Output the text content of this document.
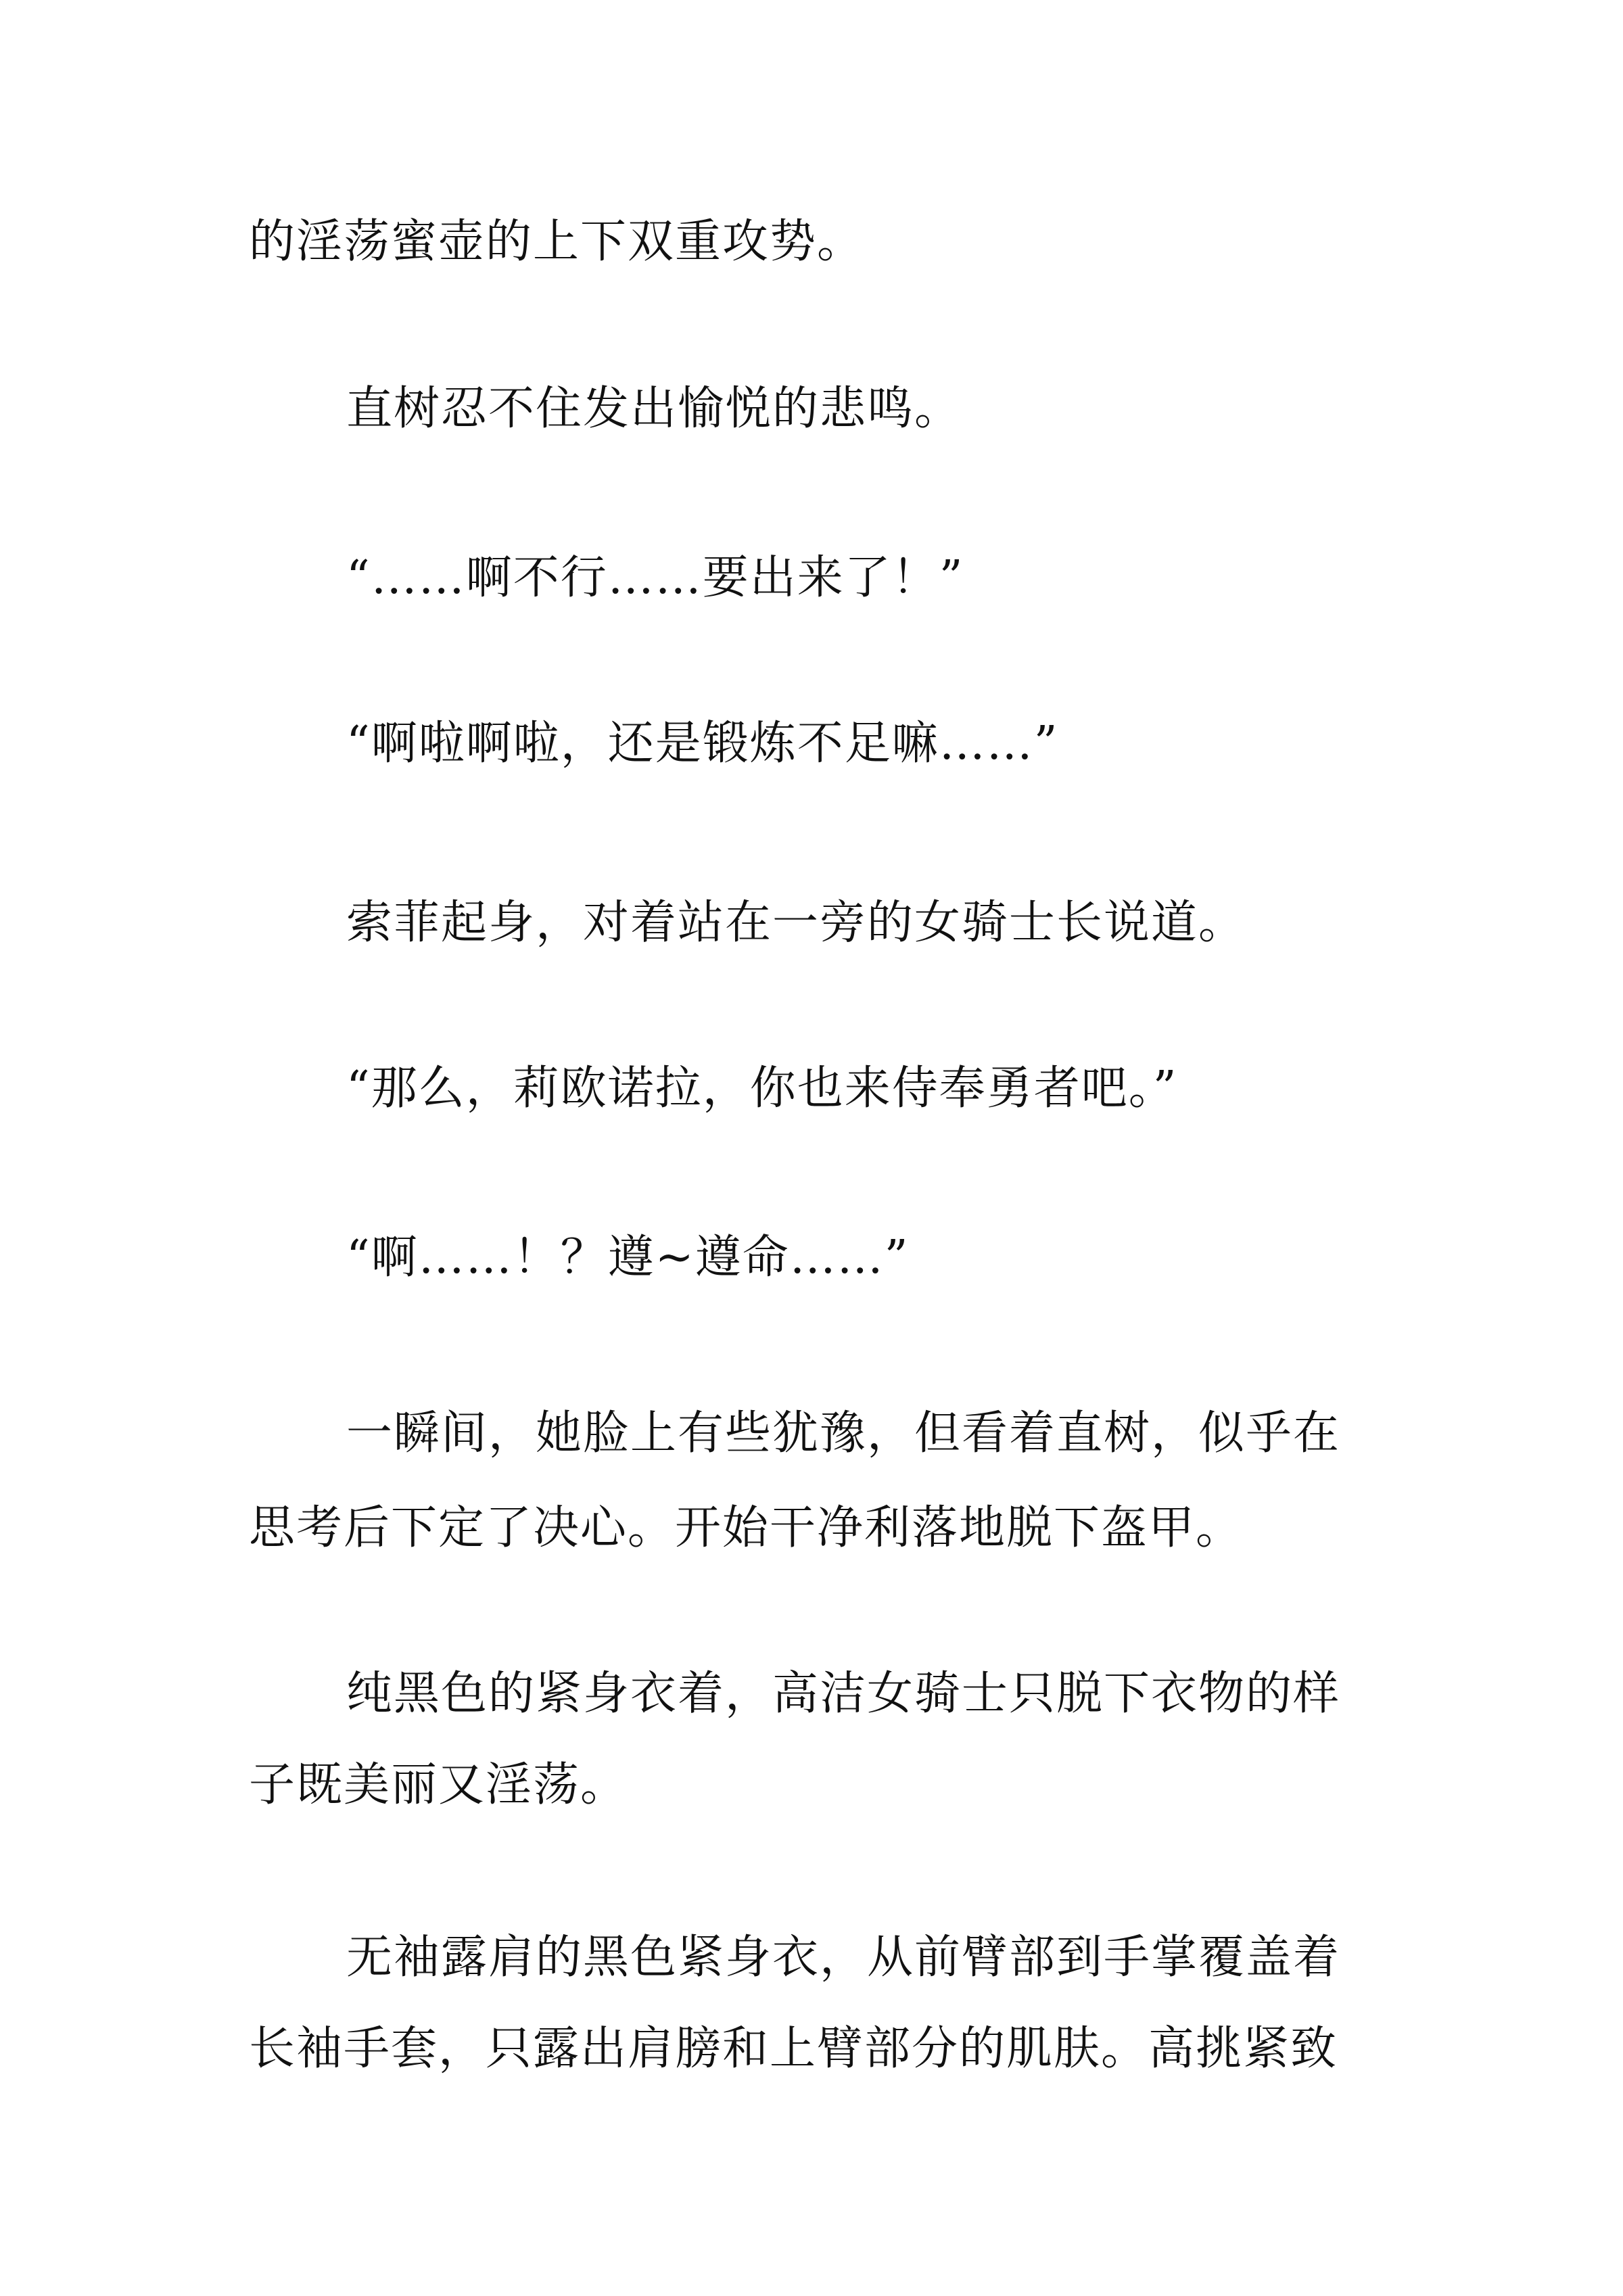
的淫荡蜜壶的上下双重攻势。
直树忍不住发出愉悦的悲鸣。
“……啊不行……要出来了！”
“啊啦啊啦，还是锻炼不足嘛……”
索菲起身，对着站在一旁的女骑士长说道。
“那么，莉欧诺拉，你也来侍奉勇者吧。”
“啊……！？遵~遵命……”
一瞬间，她脸上有些犹豫，但看着直树，似乎在
思考后下定了决心。开始干净利落地脱下盔甲。
纯黑色的紧身衣着，高洁女骑士只脱下衣物的样
子既美丽又淫荡。
无袖露肩的黑色紧身衣，从前臂部到手掌覆盖着
长袖手套，只露出肩膀和上臂部分的肌肤。高挑紧致
